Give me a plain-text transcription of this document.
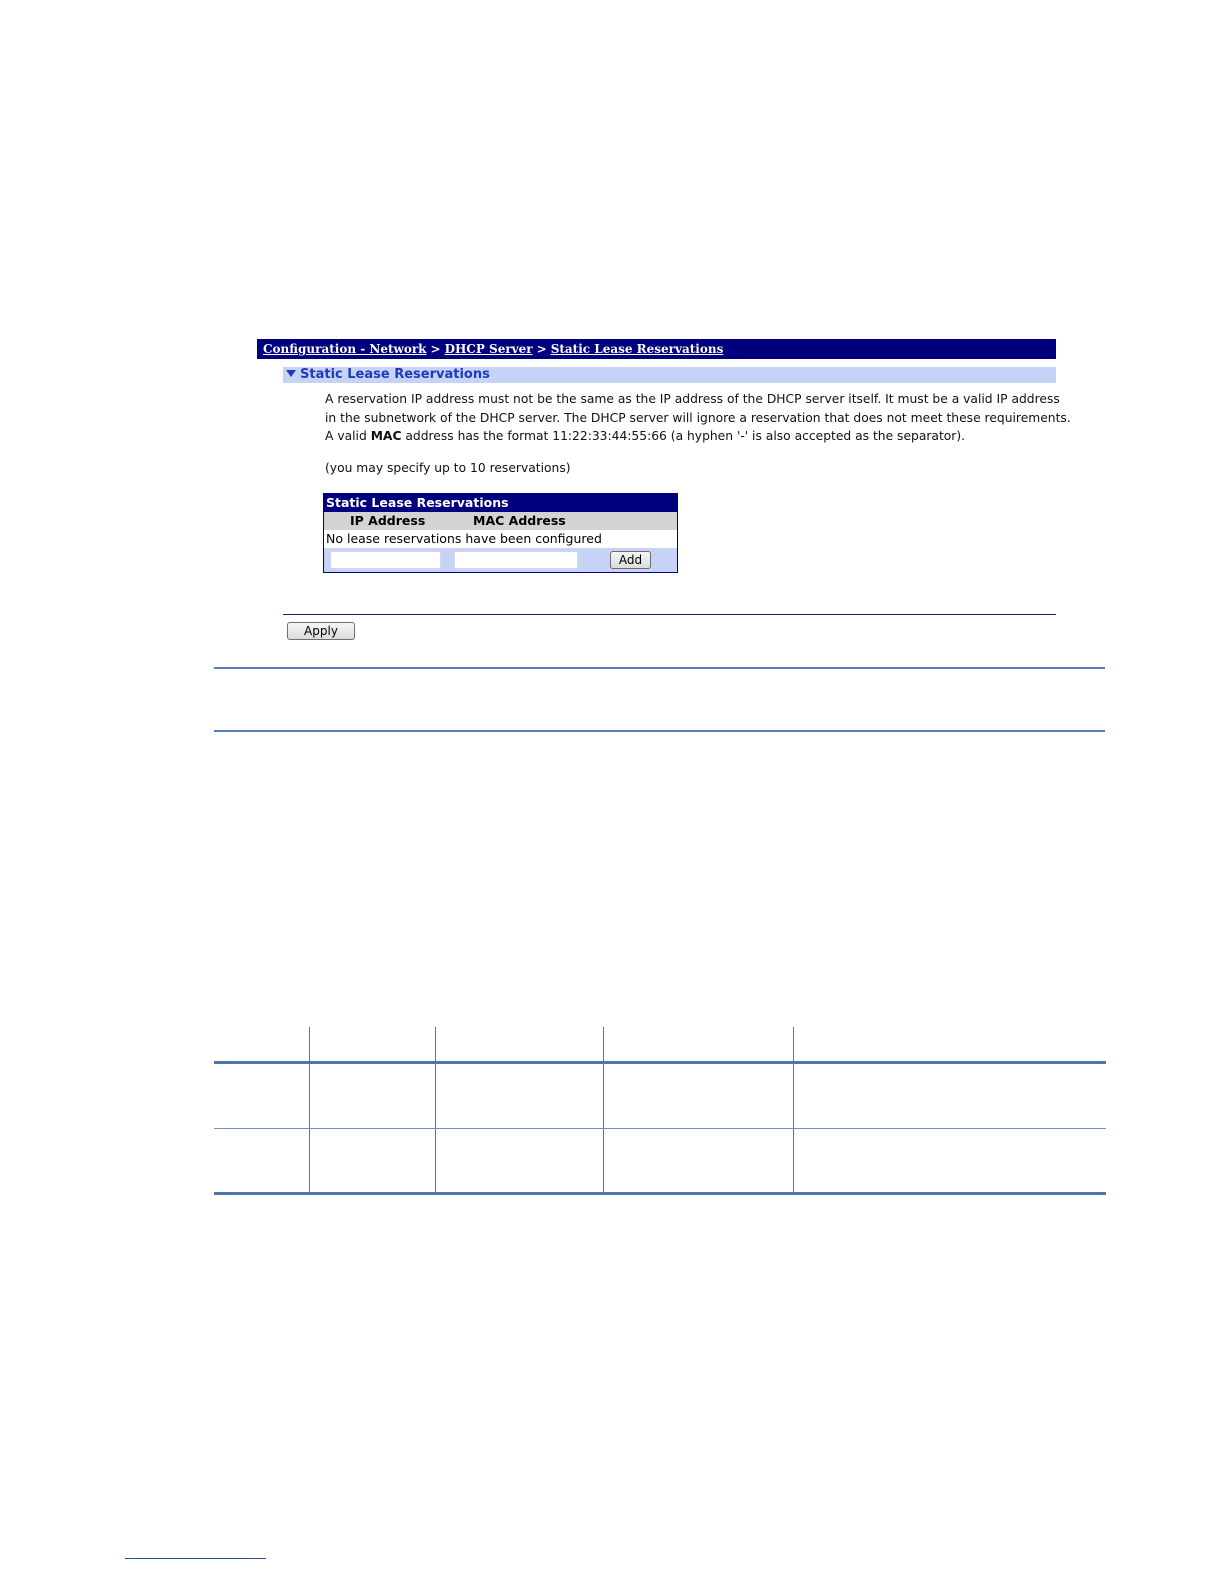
Configuration - Network > DHCP Server > Static Lease Reservations
Static Lease Reservations
A reservation IP address must not be the same as the IP address of the DHCP server itself. It must be a valid IP address
in the subnetwork of the DHCP server. The DHCP server will ignore a reservation that does not meet these requirements.
A valid MAC address has the format 11:22:33:44:55:66 (a hyphen '-' is also accepted as the separator).
(you may specify up to 10 reservations)
Static Lease Reservations
IP Address	MAC Address
No lease reservations have been configured
Add
Apply
